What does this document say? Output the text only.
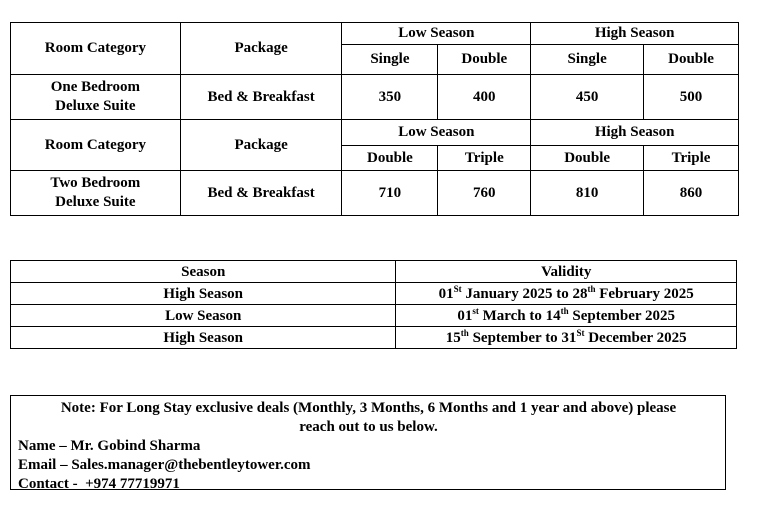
Room Category	Package	Low Season		High Season	
		Single	Double	Single	Double

One Bedroom
Deluxe Suite	Bed & Breakfast	350	400	450	500
Room Category	Package	Low Season		High Season	
		Double	Triple	Double	Triple

Two Bedroom
Deluxe Suite	Bed & Breakfast	710	760	810	860
Season	Validity
High Season	01St January 2025 to 28th February 2025
Low Season	01st March to 14th September 2025
High Season	15th September to 31St December 2025
Note: For Long Stay exclusive deals (Monthly, 3 Months, 6 Months and 1 year and above) please
reach out to us below.
Name – Mr. Gobind Sharma
Email – Sales.manager@thebentleytower.com
Contact -  +974 77719971
